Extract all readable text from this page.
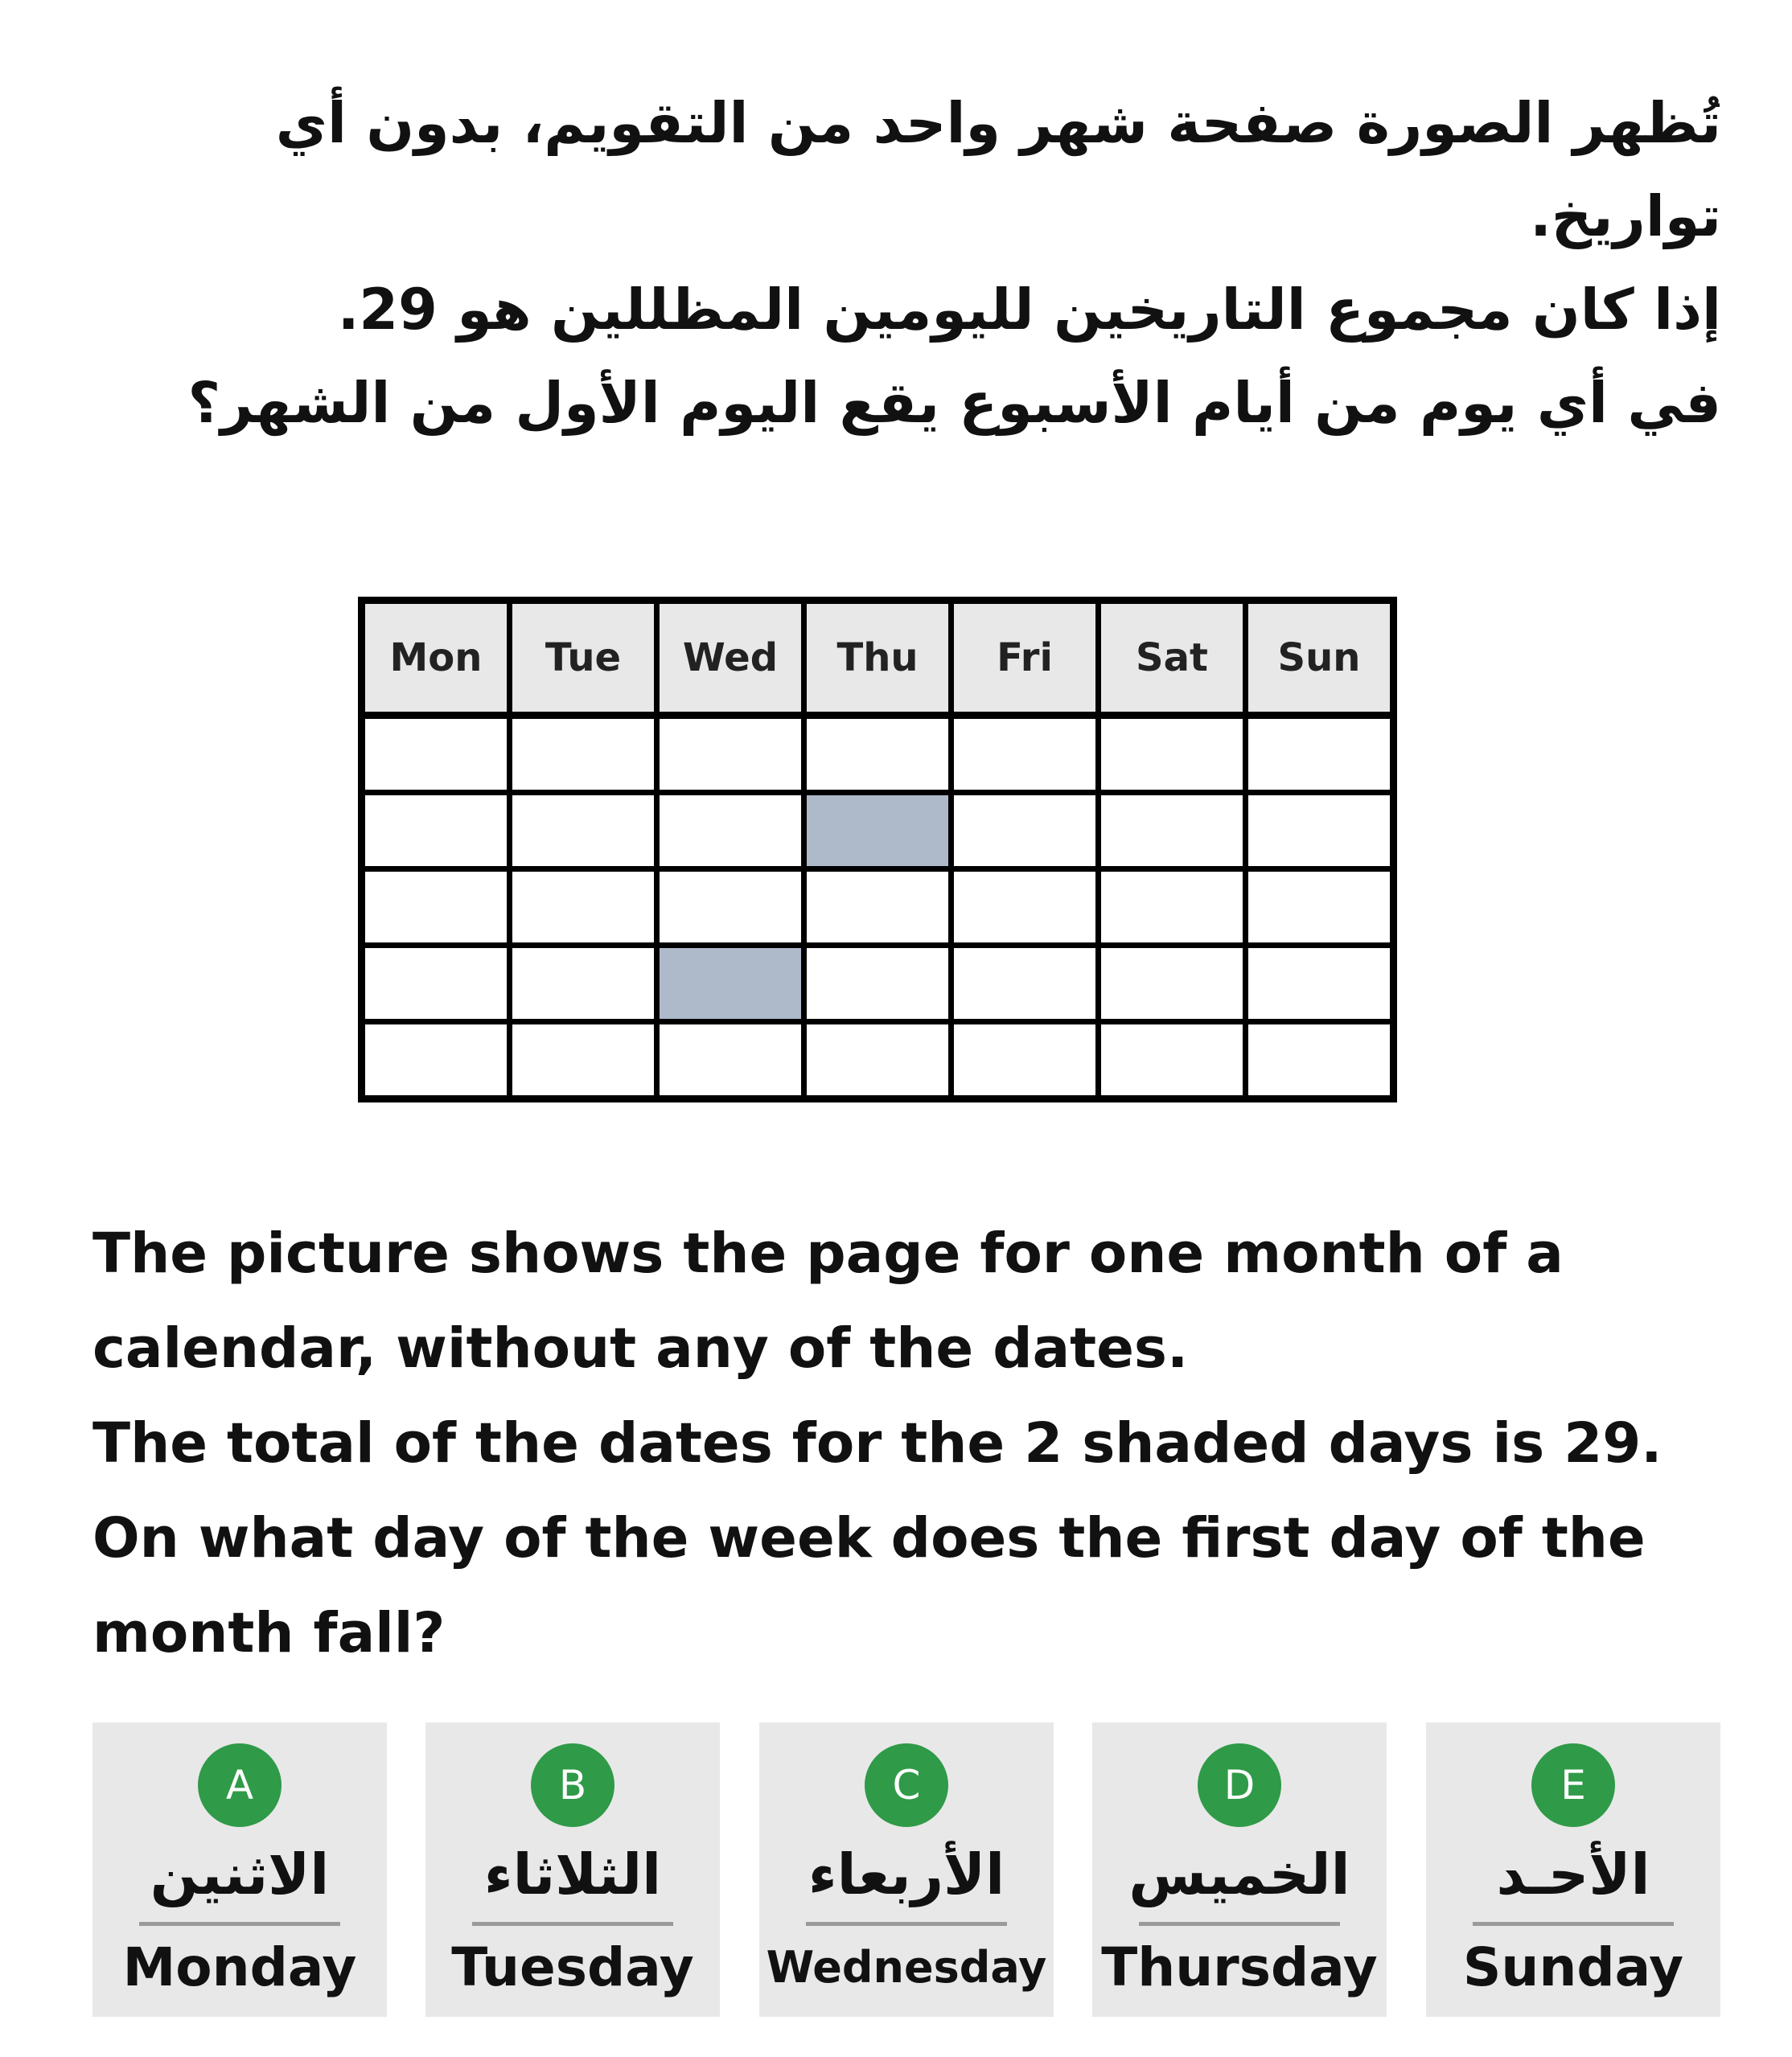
تُظهر الصورة صفحة شهر واحد من التقويم، بدون أي تواريخ.

إذا كان مجموع التاريخين لليومين المظللين هو 29.

في أي يوم من أيام الأسبوع يقع اليوم الأول من الشهر؟

Mon	Tue	Wed	Thu	Fri	Sat	Sun

The picture shows the page for one month of a calendar, without any of the dates.

The total of the dates for the 2 shaded days is 29.

On what day of the week does the first day of the month fall?

A
الاثنين
Monday
B
الثلاثاء
Tuesday
C
الأربعاء
Wednesday
D
الخميس
Thursday
E
الأحـد
Sunday
